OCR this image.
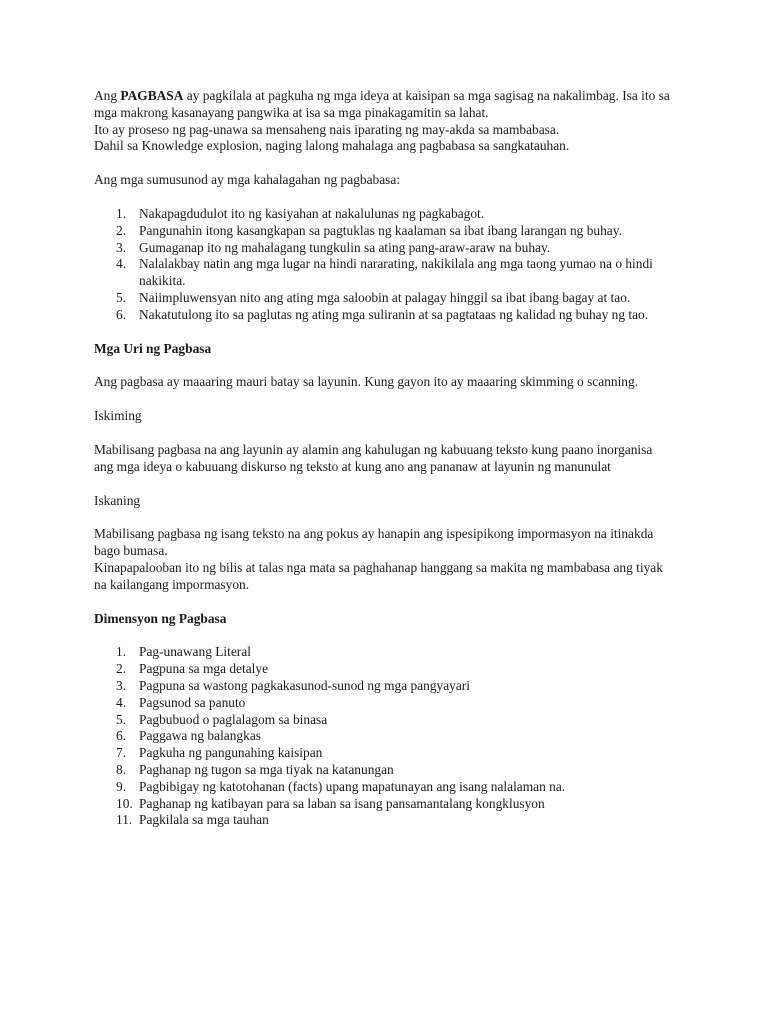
Ang PAGBASA ay pagkilala at pagkuha ng mga ideya at kaisipan sa mga sagisag na nakalimbag. Isa ito sa mga makrong kasanayang pangwika at isa sa mga pinakagamitin sa lahat.

Ito ay proseso ng pag-unawa sa mensaheng nais iparating ng may-akda sa mambabasa.

Dahil sa Knowledge explosion, naging lalong mahalaga ang pagbabasa sa sangkatauhan.

Ang mga sumusunod ay mga kahalagahan ng pagbabasa:

1. Nakapagdudulot ito ng kasiyahan at nakalulunas ng pagkabagot.
2. Pangunahin itong kasangkapan sa pagtuklas ng kaalaman sa ibat ibang larangan ng buhay.
3. Gumaganap ito ng mahalagang tungkulin sa ating pang-araw-araw na buhay.
4. Nalalakbay natin ang mga lugar na hindi nararating, nakikilala ang mga taong yumao na o hindi nakikita.
5. Naiimpluwensyan nito ang ating mga saloobin at palagay hinggil sa ibat ibang bagay at tao.
6. Nakatutulong ito sa paglutas ng ating mga suliranin at sa pagtataas ng kalidad ng buhay ng tao.

Mga Uri ng Pagbasa

Ang pagbasa ay maaaring mauri batay sa layunin. Kung gayon ito ay maaaring skimming o scanning.

Iskiming

Mabilisang pagbasa na ang layunin ay alamin ang kahulugan ng kabuuang teksto kung paano inorganisa ang mga ideya o kabuuang diskurso ng teksto at kung ano ang pananaw at layunin ng manunulat

Iskaning

Mabilisang pagbasa ng isang teksto na ang pokus ay hanapin ang ispesipikong impormasyon na itinakda bago bumasa.

Kinapapalooban ito ng bilis at talas nga mata sa paghahanap hanggang sa makita ng mambabasa ang tiyak na kailangang impormasyon.

Dimensyon ng Pagbasa

1. Pag-unawang Literal
2. Pagpuna sa mga detalye
3. Pagpuna sa wastong pagkakasunod-sunod ng mga pangyayari
4. Pagsunod sa panuto
5. Pagbubuod o paglalagom sa binasa
6. Paggawa ng balangkas
7. Pagkuha ng pangunahing kaisipan
8. Paghanap ng tugon sa mga tiyak na katanungan
9. Pagbibigay ng katotohanan (facts) upang mapatunayan ang isang nalalaman na.
10. Paghanap ng katibayan para sa laban sa isang pansamantalang kongklusyon
11. Pagkilala sa mga tauhan
